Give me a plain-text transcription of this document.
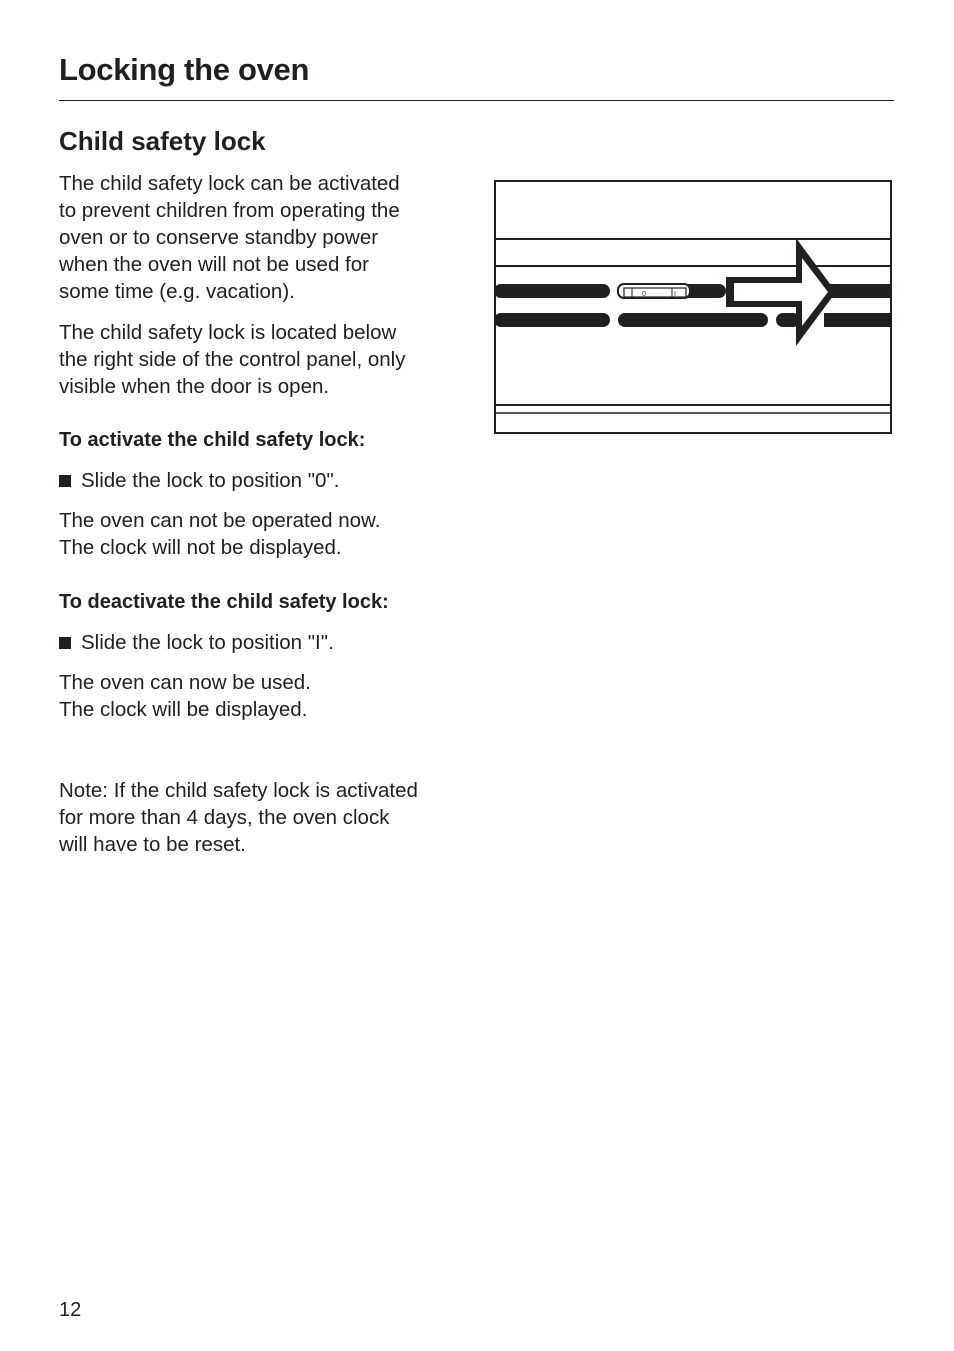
Locking the oven
Child safety lock
The child safety lock can be activated
to prevent children from operating the
oven or to conserve standby power
when the oven will not be used for
some time (e.g. vacation).
The child safety lock is located below
the right side of the control panel, only
visible when the door is open.
To activate the child safety lock:
Slide the lock to position "0".
The oven can not be operated now.
The clock will not be displayed.
To deactivate the child safety lock:
Slide the lock to position "I".
The oven can now be used.
The clock will be displayed.
Note: If the child safety lock is activated
for more than 4 days, the oven clock
will have to be reset.
0	I
12
